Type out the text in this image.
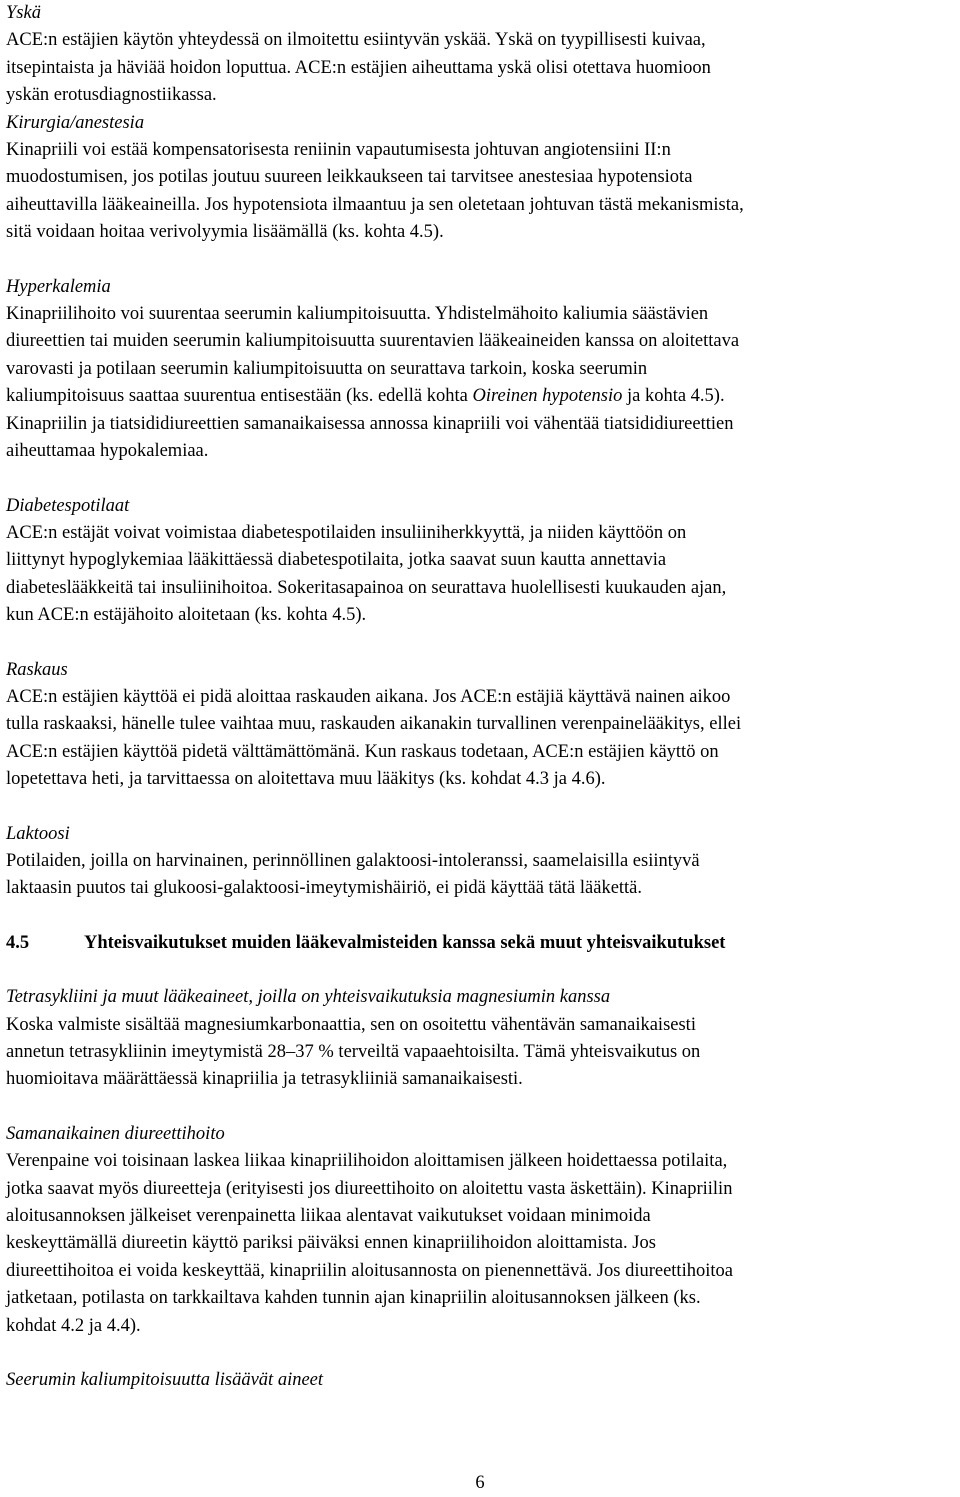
Yskä

ACE:n estäjien käytön yhteydessä on ilmoitettu esiintyvän yskää. Yskä on tyypillisesti kuivaa,
itsepintaista ja häviää hoidon loputtua. ACE:n estäjien aiheuttama yskä olisi otettava huomioon
yskän erotusdiagnostiikassa.

Kirurgia/anestesia

Kinapriili voi estää kompensatorisesta reniinin vapautumisesta johtuvan angiotensiini II:n
muodostumisen, jos potilas joutuu suureen leikkaukseen tai tarvitsee anestesiaa hypotensiota
aiheuttavilla lääkeaineilla. Jos hypotensiota ilmaantuu ja sen oletetaan johtuvan tästä mekanismista,
sitä voidaan hoitaa verivolyymia lisäämällä (ks. kohta 4.5).

Hyperkalemia

Kinapriilihoito voi suurentaa seerumin kaliumpitoisuutta. Yhdistelmähoito kaliumia säästävien
diureettien tai muiden seerumin kaliumpitoisuutta suurentavien lääkeaineiden kanssa on aloitettava
varovasti ja potilaan seerumin kaliumpitoisuutta on seurattava tarkoin, koska seerumin
kaliumpitoisuus saattaa suurentua entisestään (ks. edellä kohta Oireinen hypotensio ja kohta 4.5).
Kinapriilin ja tiatsididiureettien samanaikaisessa annossa kinapriili voi vähentää tiatsididiureettien
aiheuttamaa hypokalemiaa.

Diabetespotilaat

ACE:n estäjät voivat voimistaa diabetespotilaiden insuliiniherkkyyttä, ja niiden käyttöön on
liittynyt hypoglykemiaa lääkittäessä diabetespotilaita, jotka saavat suun kautta annettavia
diabeteslääkkeitä tai insuliinihoitoa. Sokeritasapainoa on seurattava huolellisesti kuukauden ajan,
kun ACE:n estäjähoito aloitetaan (ks. kohta 4.5).

Raskaus

ACE:n estäjien käyttöä ei pidä aloittaa raskauden aikana. Jos ACE:n estäjiä käyttävä nainen aikoo
tulla raskaaksi, hänelle tulee vaihtaa muu, raskauden aikanakin turvallinen verenpainelääkitys, ellei
ACE:n estäjien käyttöä pidetä välttämättömänä. Kun raskaus todetaan, ACE:n estäjien käyttö on
lopetettava heti, ja tarvittaessa on aloitettava muu lääkitys (ks. kohdat 4.3 ja 4.6).

Laktoosi

Potilaiden, joilla on harvinainen, perinnöllinen galaktoosi-intoleranssi, saamelaisilla esiintyvä
laktaasin puutos tai glukoosi-galaktoosi-imeytymishäiriö, ei pidä käyttää tätä lääkettä.

4.5	Yhteisvaikutukset muiden lääkevalmisteiden kanssa sekä muut yhteisvaikutukset

Tetrasykliini ja muut lääkeaineet, joilla on yhteisvaikutuksia magnesiumin kanssa

Koska valmiste sisältää magnesiumkarbonaattia, sen on osoitettu vähentävän samanaikaisesti
annetun tetrasykliinin imeytymistä 28–37 % terveiltä vapaaehtoisilta. Tämä yhteisvaikutus on
huomioitava määrättäessä kinapriilia ja tetrasykliiniä samanaikaisesti.

Samanaikainen diureettihoito

Verenpaine voi toisinaan laskea liikaa kinapriilihoidon aloittamisen jälkeen hoidettaessa potilaita,
jotka saavat myös diureetteja (erityisesti jos diureettihoito on aloitettu vasta äskettäin). Kinapriilin
aloitusannoksen jälkeiset verenpainetta liikaa alentavat vaikutukset voidaan minimoida
keskeyttämällä diureetin käyttö pariksi päiväksi ennen kinapriilihoidon aloittamista. Jos
diureettihoitoa ei voida keskeyttää, kinapriilin aloitusannosta on pienennettävä. Jos diureettihoitoa
jatketaan, potilasta on tarkkailtava kahden tunnin ajan kinapriilin aloitusannoksen jälkeen (ks.
kohdat 4.2 ja 4.4).

Seerumin kaliumpitoisuutta lisäävät aineet

6
